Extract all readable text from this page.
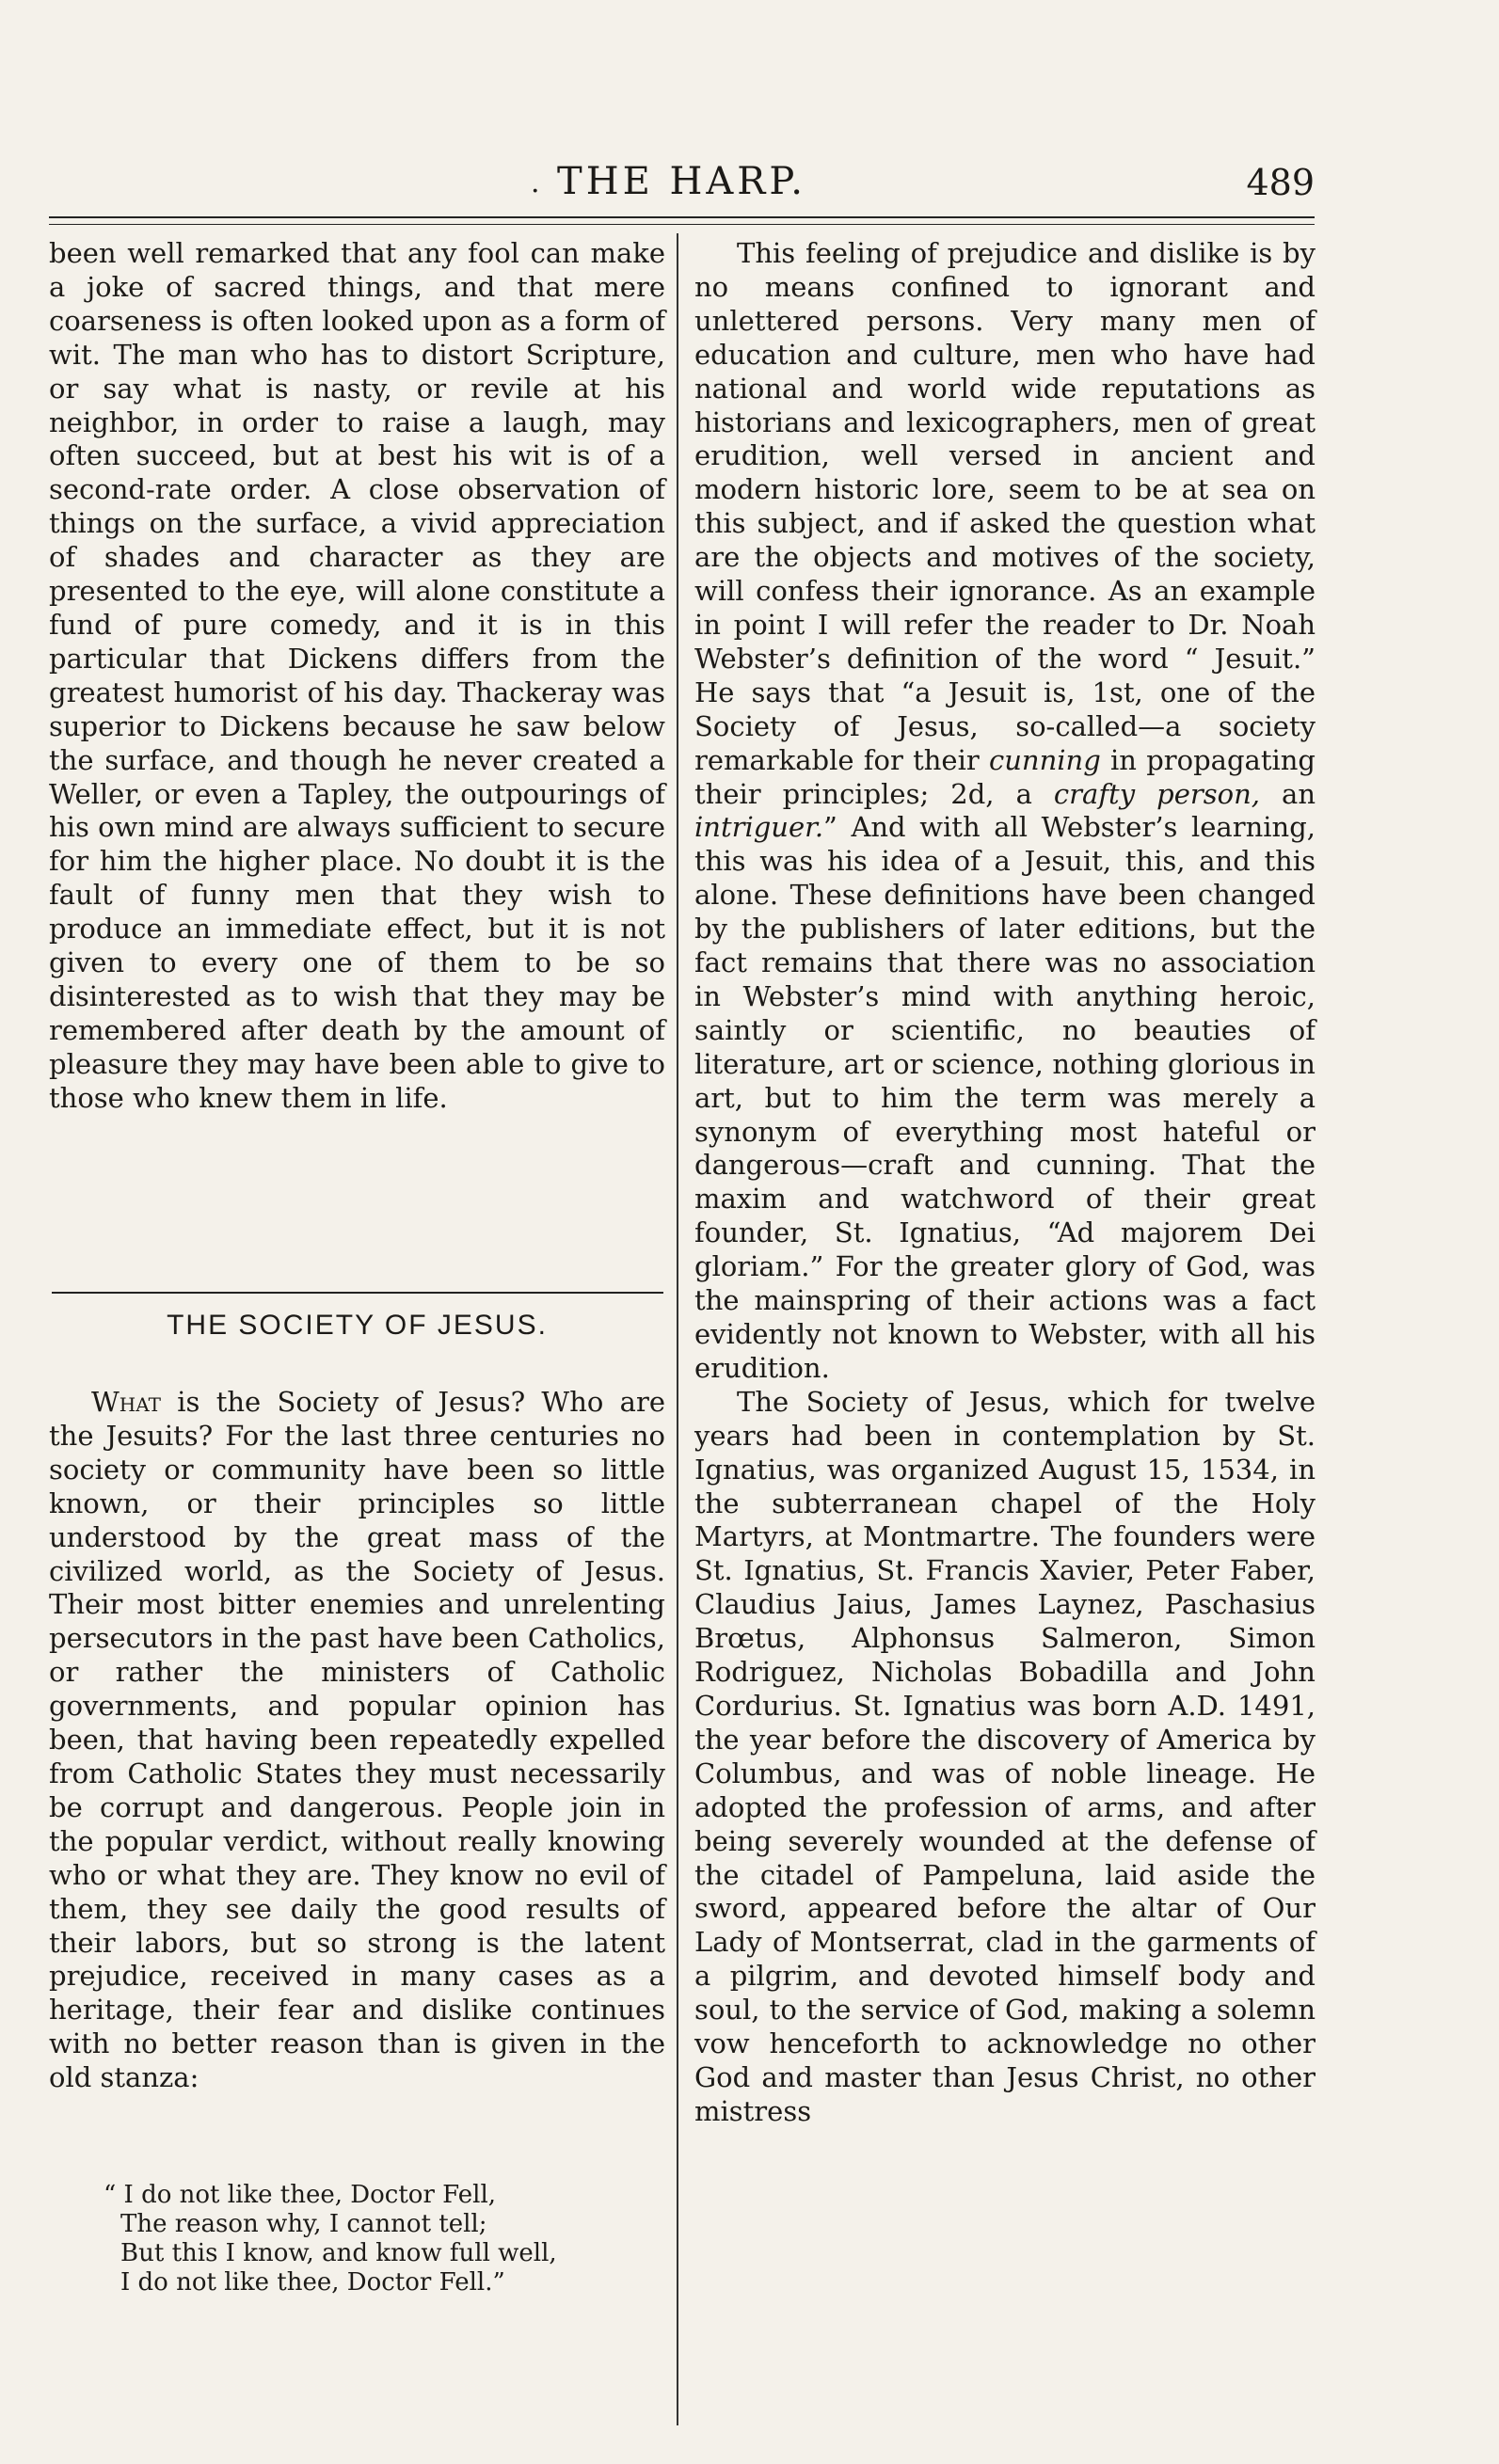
· THE HARP.	489

been well remarked that any fool can make a joke of sacred things, and that mere coarseness is often looked upon as a form of wit. The man who has to distort Scripture, or say what is nasty, or revile at his neighbor, in order to raise a laugh, may often succeed, but at best his wit is of a second-rate order. A close observation of things on the surface, a vivid appreciation of shades and character as they are presented to the eye, will alone constitute a fund of pure comedy, and it is in this particular that Dickens differs from the greatest humorist of his day. Thackeray was superior to Dickens because he saw below the surface, and though he never created a Weller, or even a Tapley, the outpourings of his own mind are always sufficient to secure for him the higher place. No doubt it is the fault of funny men that they wish to produce an immediate effect, but it is not given to every one of them to be so disinterested as to wish that they may be remembered after death by the amount of pleasure they may have been able to give to those who knew them in life.

THE SOCIETY OF JESUS.

What is the Society of Jesus? Who are the Jesuits? For the last three centuries no society or community have been so little known, or their principles so little understood by the great mass of the civilized world, as the Society of Jesus. Their most bitter enemies and unrelenting persecutors in the past have been Catholics, or rather the ministers of Catholic governments, and popular opinion has been, that having been repeatedly expelled from Catholic States they must necessarily be corrupt and dangerous. People join in the popular verdict, without really knowing who or what they are. They know no evil of them, they see daily the good results of their labors, but so strong is the latent prejudice, received in many cases as a heritage, their fear and dislike continues with no better reason than is given in the old stanza:

“ I do not like thee, Doctor Fell,
The reason why, I cannot tell;
But this I know, and know full well,
I do not like thee, Doctor Fell.”

This feeling of prejudice and dislike is by no means confined to ignorant and unlettered persons. Very many men of education and culture, men who have had national and world wide reputations as historians and lexicographers, men of great erudition, well versed in ancient and modern historic lore, seem to be at sea on this subject, and if asked the question what are the objects and motives of the society, will confess their ignorance. As an example in point I will refer the reader to Dr. Noah Webster’s definition of the word “ Jesuit.” He says that “a Jesuit is, 1st, one of the Society of Jesus, so-called—a society remarkable for their cunning in propagating their principles; 2d, a crafty person, an intriguer.” And with all Webster’s learning, this was his idea of a Jesuit, this, and this alone. These definitions have been changed by the publishers of later editions, but the fact remains that there was no association in Webster’s mind with anything heroic, saintly or scientific, no beauties of literature, art or science, nothing glorious in art, but to him the term was merely a synonym of everything most hateful or dangerous—craft and cunning. That the maxim and watchword of their great founder, St. Ignatius, “Ad majorem Dei gloriam.” For the greater glory of God, was the mainspring of their actions was a fact evidently not known to Webster, with all his erudition.

The Society of Jesus, which for twelve years had been in contemplation by St. Ignatius, was organized August 15, 1534, in the subterranean chapel of the Holy Martyrs, at Montmartre. The founders were St. Ignatius, St. Francis Xavier, Peter Faber, Claudius Jaius, James Laynez, Paschasius Brœtus, Alphonsus Salmeron, Simon Rodriguez, Nicholas Bobadilla and John Cordurius. St. Ignatius was born A.D. 1491, the year before the discovery of America by Columbus, and was of noble lineage. He adopted the profession of arms, and after being severely wounded at the defense of the citadel of Pampeluna, laid aside the sword, appeared before the altar of Our Lady of Montserrat, clad in the garments of a pilgrim, and devoted himself body and soul, to the service of God, making a solemn vow henceforth to acknowledge no other God and master than Jesus Christ, no other mistress
